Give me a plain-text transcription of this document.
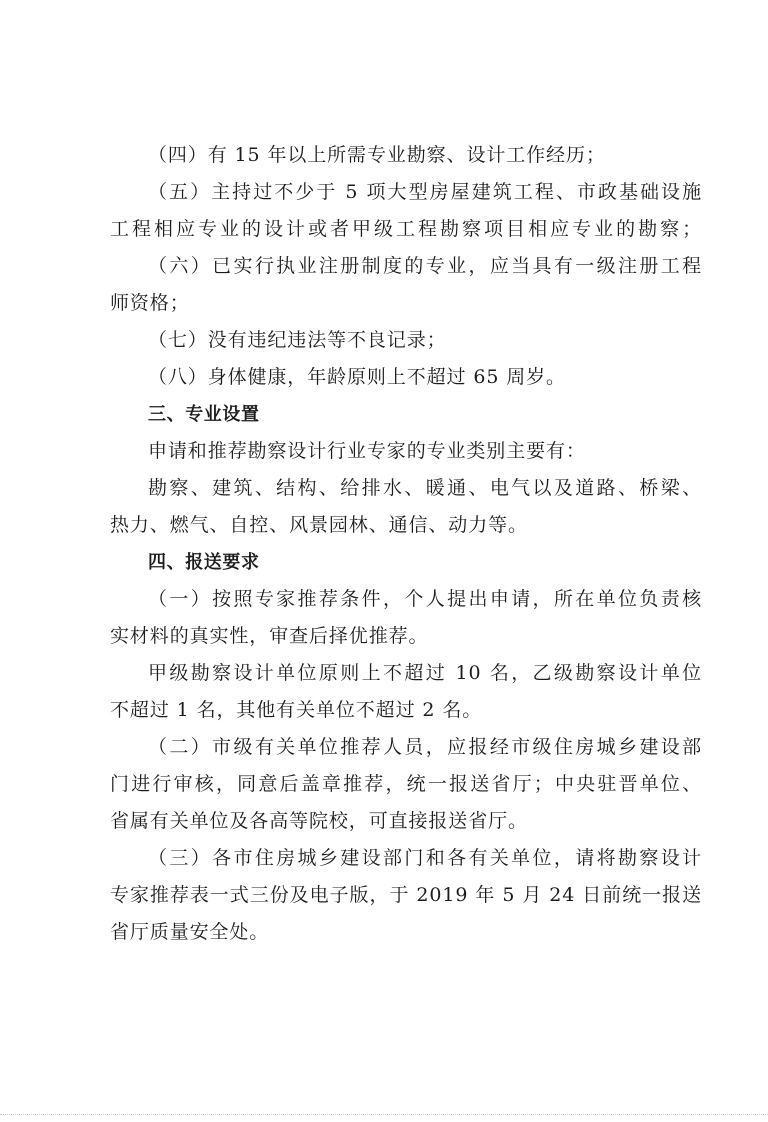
（四）有 15 年以上所需专业勘察、设计工作经历；
（五）主持过不少于 5 项大型房屋建筑工程、市政基础设施
工程相应专业的设计或者甲级工程勘察项目相应专业的勘察；
（六）已实行执业注册制度的专业，应当具有一级注册工程
师资格；
（七）没有违纪违法等不良记录；
（八）身体健康，年龄原则上不超过 65 周岁。
三、专业设置
申请和推荐勘察设计行业专家的专业类别主要有：
勘察、建筑、结构、给排水、暖通、电气以及道路、桥梁、
热力、燃气、自控、风景园林、通信、动力等。
四、报送要求
（一）按照专家推荐条件，个人提出申请，所在单位负责核
实材料的真实性，审查后择优推荐。
甲级勘察设计单位原则上不超过 10 名，乙级勘察设计单位
不超过 1 名，其他有关单位不超过 2 名。
（二）市级有关单位推荐人员，应报经市级住房城乡建设部
门进行审核，同意后盖章推荐，统一报送省厅；中央驻晋单位、
省属有关单位及各高等院校，可直接报送省厅。
（三）各市住房城乡建设部门和各有关单位，请将勘察设计
专家推荐表一式三份及电子版，于 2019 年 5 月 24 日前统一报送
省厅质量安全处。
